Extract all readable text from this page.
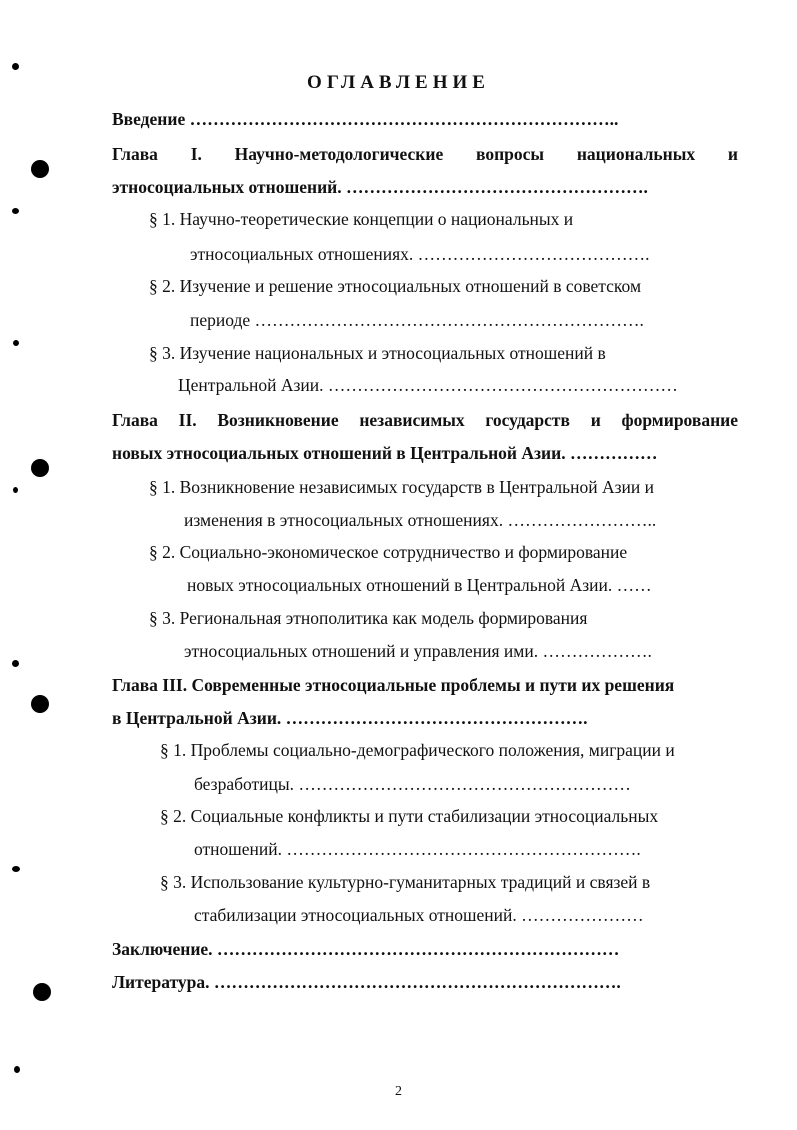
ОГЛАВЛЕНИЕ
Введение ………………………………………………………………..
Глава I. Научно-методологические вопросы национальных и
этносоциальных отношений. …………………………………………….
§ 1. Научно-теоретические концепции о национальных и
этносоциальных отношениях. ………………………………….
§ 2. Изучение и решение этносоциальных отношений в советском
периоде ………………………………………………………….
§ 3. Изучение национальных и этносоциальных отношений в
Центральной Азии. ……………………………………………………
Глава II. Возникновение независимых государств и формирование
новых этносоциальных отношений в Центральной Азии. ……………
§ 1. Возникновение независимых государств в Центральной Азии и
изменения в этносоциальных отношениях. ……………………..
§ 2. Социально-экономическое сотрудничество и формирование
новых этносоциальных отношений в Центральной Азии. ……
§ 3. Региональная этнополитика как модель формирования
этносоциальных отношений и управления ими. ……………….
Глава III. Современные этносоциальные проблемы и пути их решения
в Центральной Азии. …………………………………………….
§ 1. Проблемы социально-демографического положения, миграции и
безработицы. …………………………………………………
§ 2. Социальные конфликты и пути стабилизации этносоциальных
отношений. …………………………………………………….
§ 3. Использование культурно-гуманитарных традиций и связей в
стабилизации этносоциальных отношений. …………………
Заключение. ……………………………………………………………
Литература. …………………………………………………………….
2
